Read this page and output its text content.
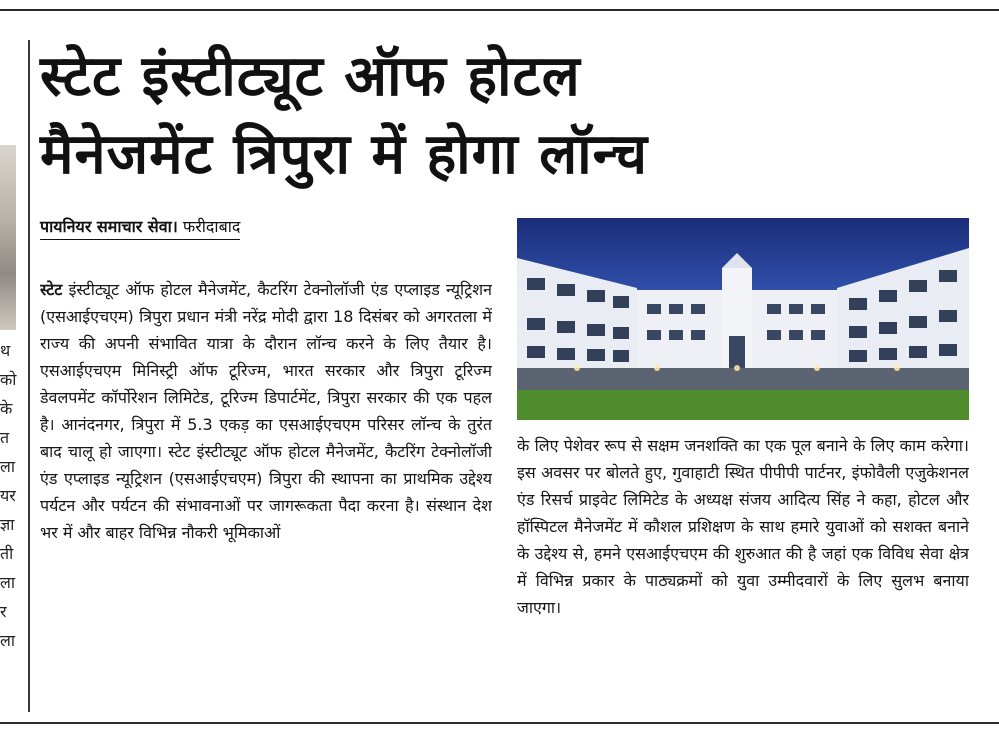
थ
को
के
त
ला
यर
ज्ञा
ती
ला
र
ला
स्टेट इंस्टीट्यूट ऑफ होटल
मैनेजमेंट त्रिपुरा में होगा लॉन्च
पायनियर समाचार सेवा। फरीदाबाद

स्टेट इंस्टीट्यूट ऑफ होटल मैनेजमेंट, कैटरिंग टेक्नोलॉजी एंड एप्लाइड न्यूट्रिशन (एसआईएचएम) त्रिपुरा प्रधान मंत्री नरेंद्र मोदी द्वारा 18 दिसंबर को अगरतला में राज्य की अपनी संभावित यात्रा के दौरान लॉन्च करने के लिए तैयार है। एसआईएचएम मिनिस्ट्री ऑफ टूरिज्म, भारत सरकार और त्रिपुरा टूरिज्म डेवलपमेंट कॉर्पोरेशन लिमिटेड, टूरिज्म डिपार्टमेंट, त्रिपुरा सरकार की एक पहल है। आनंदनगर, त्रिपुरा में 5.3 एकड़ का एसआईएचएम परिसर लॉन्च के तुरंत बाद चालू हो जाएगा। स्टेट इंस्टीट्यूट ऑफ होटल मैनेजमेंट, कैटरिंग टेक्नोलॉजी एंड एप्लाइड न्यूट्रिशन (एसआईएचएम) त्रिपुरा की स्थापना का प्राथमिक उद्देश्य पर्यटन और पर्यटन की संभावनाओं पर जागरूकता पैदा करना है। संस्थान देश भर में और बाहर विभिन्न नौकरी भूमिकाओं

के लिए पेशेवर रूप से सक्षम जनशक्ति का एक पूल बनाने के लिए काम करेगा। इस अवसर पर बोलते हुए, गुवाहाटी स्थित पीपीपी पार्टनर, इंफोवैली एजुकेशनल एंड रिसर्च प्राइवेट लिमिटेड के अध्यक्ष संजय आदित्य सिंह ने कहा, होटल और हॉस्पिटल मैनेजमेंट में कौशल प्रशिक्षण के साथ हमारे युवाओं को सशक्त बनाने के उद्देश्य से, हमने एसआईएचएम की शुरुआत की है जहां एक विविध सेवा क्षेत्र में विभिन्न प्रकार के पाठ्यक्रमों को युवा उम्मीदवारों के लिए सुलभ बनाया जाएगा।
